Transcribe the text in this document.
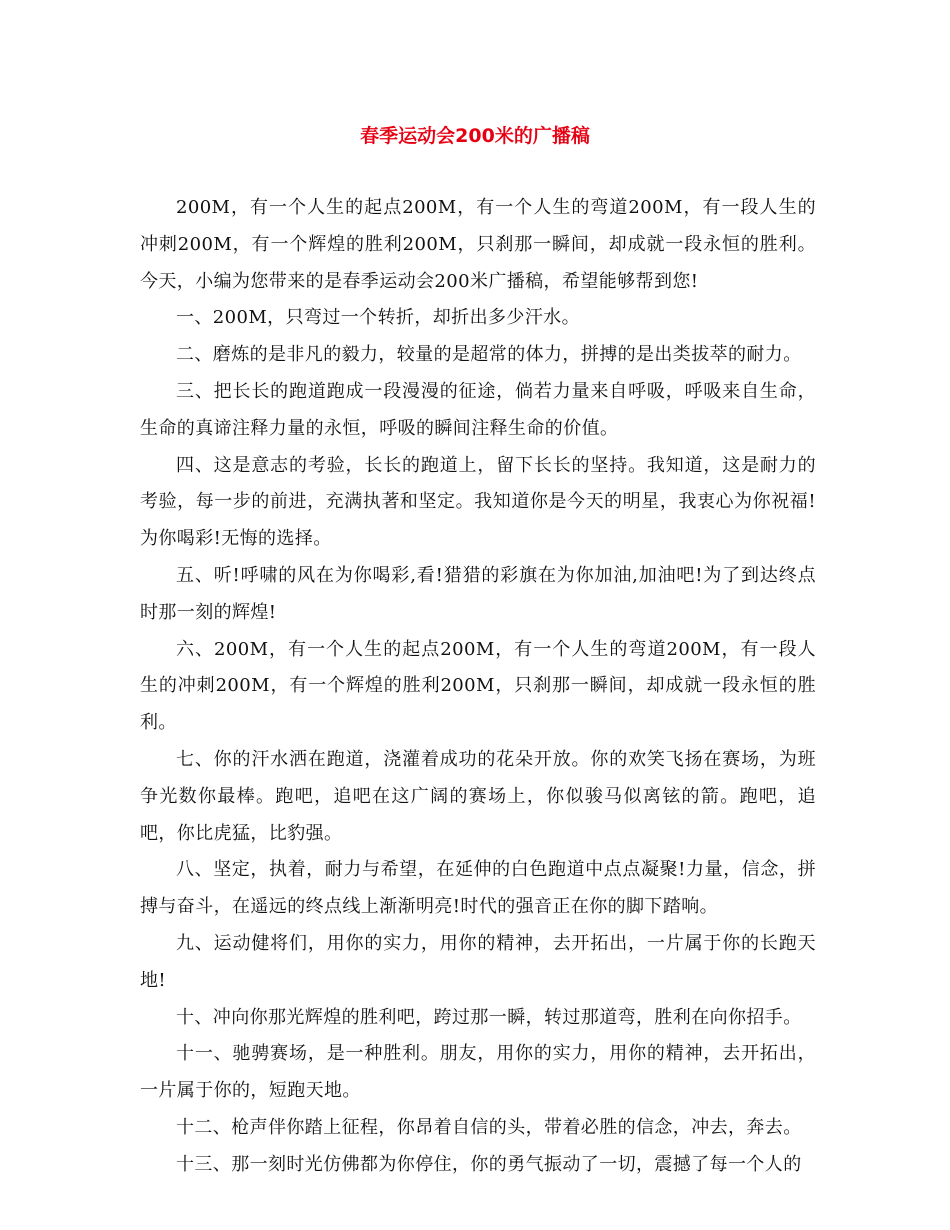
春季运动会200米的广播稿

200M，有一个人生的起点200M，有一个人生的弯道200M，有一段人生的冲刺200M，有一个辉煌的胜利200M，只刹那一瞬间，却成就一段永恒的胜利。今天，小编为您带来的是春季运动会200米广播稿，希望能够帮到您!

一、200M，只弯过一个转折，却折出多少汗水。

二、磨炼的是非凡的毅力，较量的是超常的体力，拼搏的是出类拔萃的耐力。

三、把长长的跑道跑成一段漫漫的征途，倘若力量来自呼吸，呼吸来自生命，生命的真谛注释力量的永恒，呼吸的瞬间注释生命的价值。

四、这是意志的考验，长长的跑道上，留下长长的坚持。我知道，这是耐力的考验，每一步的前进，充满执著和坚定。我知道你是今天的明星，我衷心为你祝福!为你喝彩!无悔的选择。

五、听!呼啸的风在为你喝彩,看!猎猎的彩旗在为你加油,加油吧!为了到达终点时那一刻的辉煌!

六、200M，有一个人生的起点200M，有一个人生的弯道200M，有一段人生的冲刺200M，有一个辉煌的胜利200M，只刹那一瞬间，却成就一段永恒的胜利。

七、你的汗水洒在跑道，浇灌着成功的花朵开放。你的欢笑飞扬在赛场，为班争光数你最棒。跑吧，追吧在这广阔的赛场上，你似骏马似离铉的箭。跑吧，追吧，你比虎猛，比豹强。

八、坚定，执着，耐力与希望，在延伸的白色跑道中点点凝聚!力量，信念，拼搏与奋斗，在遥远的终点线上渐渐明亮!时代的强音正在你的脚下踏响。

九、运动健将们，用你的实力，用你的精神，去开拓出，一片属于你的长跑天地!

十、冲向你那光辉煌的胜利吧，跨过那一瞬，转过那道弯，胜利在向你招手。

十一、驰骋赛场，是一种胜利。朋友，用你的实力，用你的精神，去开拓出，一片属于你的，短跑天地。

十二、枪声伴你踏上征程，你昂着自信的头，带着必胜的信念，冲去，奔去。

十三、那一刻时光仿佛都为你停住，你的勇气振动了一切，震撼了每一个人的
